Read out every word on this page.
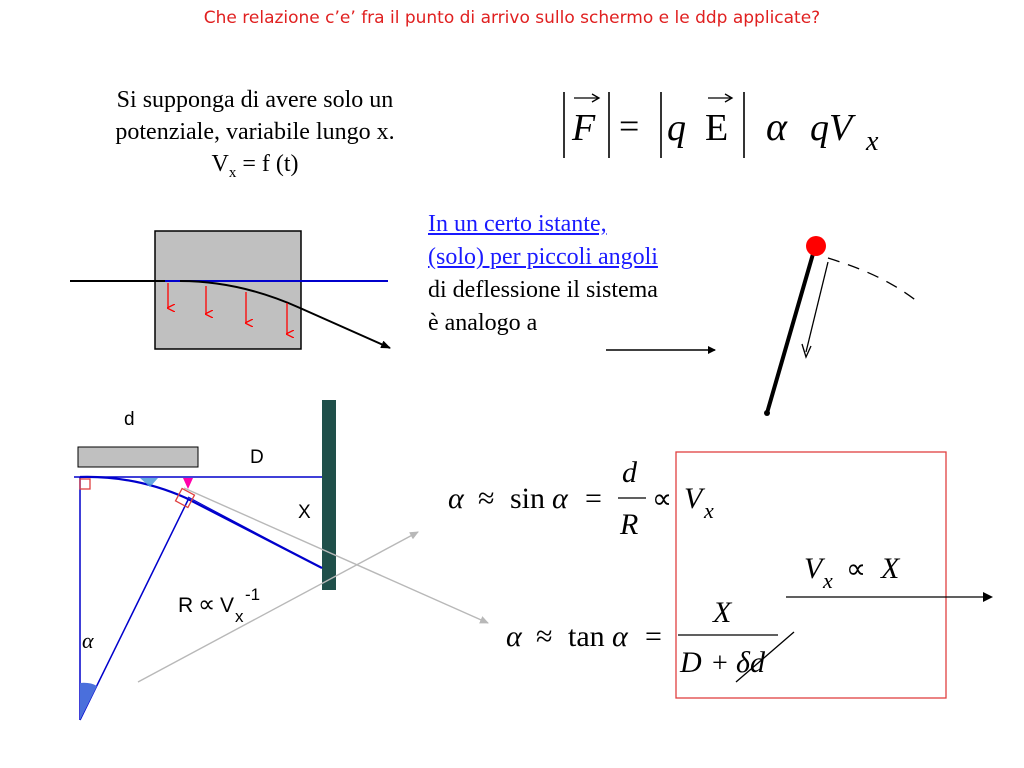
Che relazione c’e’ fra il punto di arrivo sullo schermo e le ddp applicate?
Si supponga di avere solo un
potenziale, variabile lungo x.
$V_x = f$ (t)
In un certo istante,
(solo) per piccoli angoli
di deflessione il sistema
è analogo a
F = q E α qV x
d
D
X
α
R ∝ V x
-1
α ≈ sin α =
d
R
∝ V x
V x ∝ X
α ≈ tan α =
X
D + δd
